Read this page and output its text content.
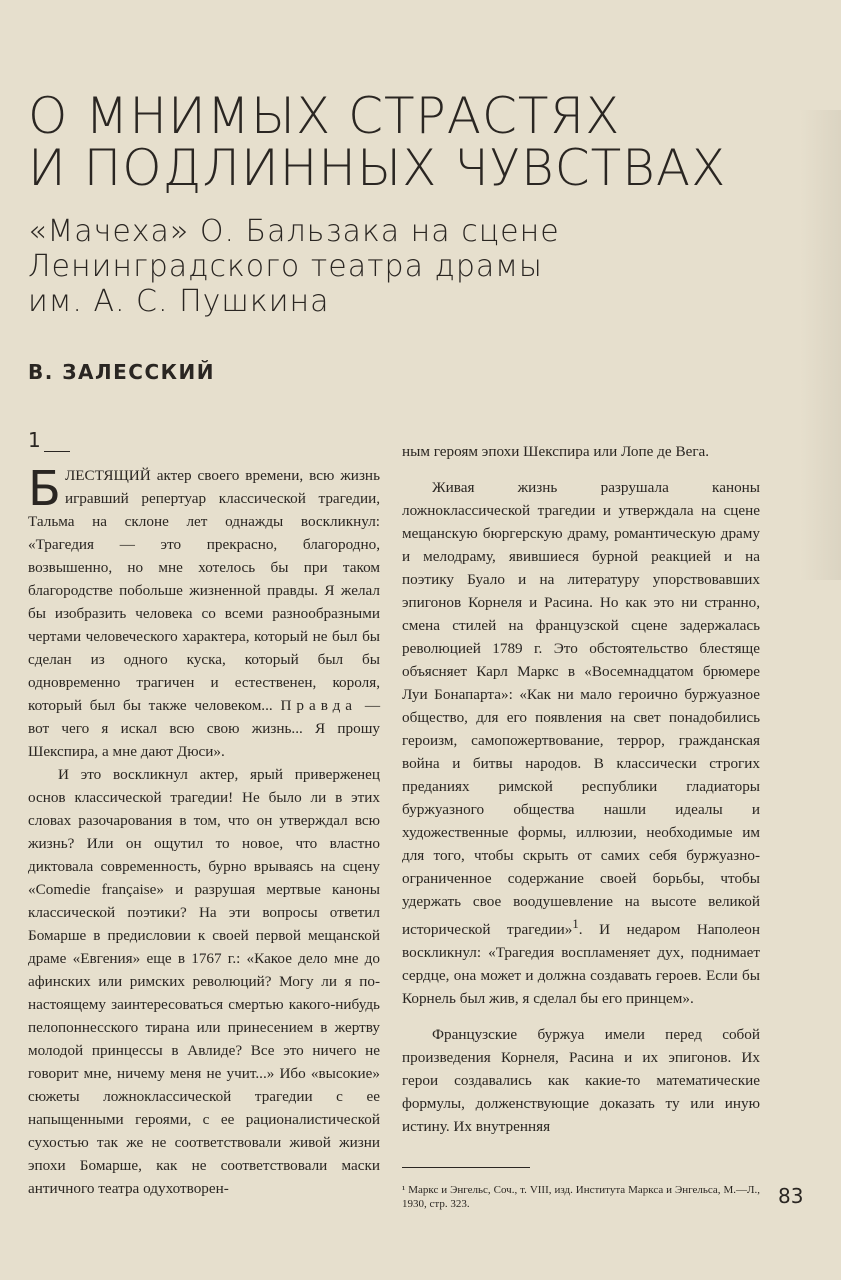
О МНИМЫХ СТРАСТЯХ
И ПОДЛИННЫХ ЧУВСТВАХ
«Мачеха» О. Бальзака на сцене
Ленинградского театра драмы
им. А. С. Пушкина
В. ЗАЛЕССКИЙ
1

БЛЕСТЯЩИЙ актер своего времени, всю жизнь игравший репертуар классической трагедии, Тальма на склоне лет однажды воскликнул: «Трагедия — это прекрасно, благородно, возвышенно, но мне хотелось бы при таком благородстве побольше жизненной правды. Я желал бы изобразить человека со всеми разнообразными чертами человеческого характера, который не был бы сделан из одного куска, который был бы одновременно трагичен и естественен, короля, который был бы также человеком... Правда — вот чего я искал всю свою жизнь... Я прошу Шекспира, а мне дают Дюси».

И это воскликнул актер, ярый приверженец основ классической трагедии! Не было ли в этих словах разочарования в том, что он утверждал всю жизнь? Или он ощутил то новое, что властно диктовала современность, бурно врываясь на сцену «Comedie française» и разрушая мертвые каноны классической поэтики? На эти вопросы ответил Бомарше в предисловии к своей первой мещанской драме «Евгения» еще в 1767 г.: «Какое дело мне до афинских или римских революций? Могу ли я по-настоящему заинтересоваться смертью какого-нибудь пелопоннесского тирана или принесением в жертву молодой принцессы в Авлиде? Все это ничего не говорит мне, ничему меня не учит...» Ибо «высокие» сюжеты ложноклассической трагедии с ее напыщенными героями, с ее рационалистической сухостью так же не соответствовали живой жизни эпохи Бомарше, как не соответствовали маски античного театра одухотворен-

ным героям эпохи Шекспира или Лопе де Вега.

Живая жизнь разрушала каноны ложноклассической трагедии и утверждала на сцене мещанскую бюргерскую драму, романтическую драму и мелодраму, явившиеся бурной реакцией и на поэтику Буало и на литературу упорствовавших эпигонов Корнеля и Расина. Но как это ни странно, смена стилей на французской сцене задержалась революцией 1789 г. Это обстоятельство блестяще объясняет Карл Маркс в «Восемнадцатом брюмере Луи Бонапарта»: «Как ни мало героично буржуазное общество, для его появления на свет понадобились героизм, самопожертвование, террор, гражданская война и битвы народов. В классически строгих преданиях римской республики гладиаторы буржуазного общества нашли идеалы и художественные формы, иллюзии, необходимые им для того, чтобы скрыть от самих себя буржуазно-ограниченное содержание своей борьбы, чтобы удержать свое воодушевление на высоте великой исторической трагедии»$^1$. И недаром Наполеон воскликнул: «Трагедия воспламеняет дух, поднимает сердце, она может и должна создавать героев. Если бы Корнель был жив, я сделал бы его принцем».

Французские буржуа имели перед собой произведения Корнеля, Расина и их эпигонов. Их герои создавались как какие-то математические формулы, долженствующие доказать ту или иную истину. Их внутренняя

¹ Маркс и Энгельс, Соч., т. VIII, изд. Института Маркса и Энгельса, М.—Л., 1930, стр. 323.	83
